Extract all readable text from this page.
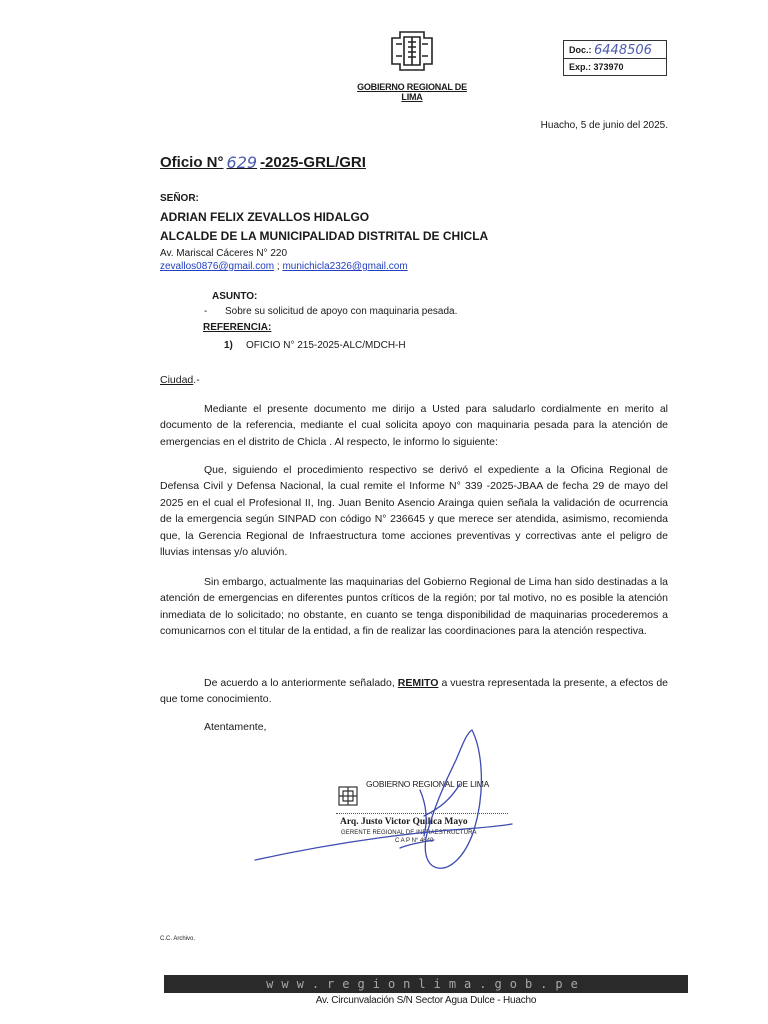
GOBIERNO REGIONAL DE LIMA
Doc.: 6448506
Exp.: 373970
Huacho, 5 de junio del 2025.
Oficio N° 629 -2025-GRL/GRI
SEÑOR:
ADRIAN FELIX ZEVALLOS HIDALGO
ALCALDE DE LA MUNICIPALIDAD DISTRITAL DE CHICLA
Av. Mariscal Cáceres N° 220
zevallos0876@gmail.com ; munichicla2326@gmail.com
ASUNTO:
- Sobre su solicitud de apoyo con maquinaria pesada.
REFERENCIA:
1) OFICIO N° 215-2025-ALC/MDCH-H
Ciudad.-
Mediante el presente documento me dirijo a Usted para saludarlo cordialmente en merito al documento de la referencia, mediante el cual solicita apoyo con maquinaria pesada para la atención de emergencias en el distrito de Chicla . Al respecto, le informo lo siguiente:
Que, siguiendo el procedimiento respectivo se derivó el expediente a la Oficina Regional de Defensa Civil y Defensa Nacional, la cual remite el Informe N° 339 -2025-JBAA de fecha 29 de mayo del 2025 en el cual el Profesional II, Ing. Juan Benito Asencio Arainga quien señala la validación de ocurrencia de la emergencia según SINPAD con código N° 236645 y que merece ser atendida, asimismo, recomienda que, la Gerencia Regional de Infraestructura tome acciones preventivas y correctivas ante el peligro de lluvias intensas y/o aluvión.
Sin embargo, actualmente las maquinarias del Gobierno Regional de Lima han sido destinadas a la atención de emergencias en diferentes puntos críticos de la región; por tal motivo, no es posible la atención inmediata de lo solicitado; no obstante, en cuanto se tenga disponibilidad de maquinarias procederemos a comunicarnos con el titular de la entidad, a fin de realizar las coordinaciones para la atención respectiva.
De acuerdo a lo anteriormente señalado, REMITO a vuestra representada la presente, a efectos de que tome conocimiento.
Atentamente,
GOBIERNO REGIONAL DE LIMA
Arq. Justo Victor Quillca Mayo
GERENTE REGIONAL DE INFRAESTRUCTURA
C A P N° 4640
C.C. Archivo.
www.regionlima.gob.pe
Av. Circunvalación S/N Sector Agua Dulce - Huacho
